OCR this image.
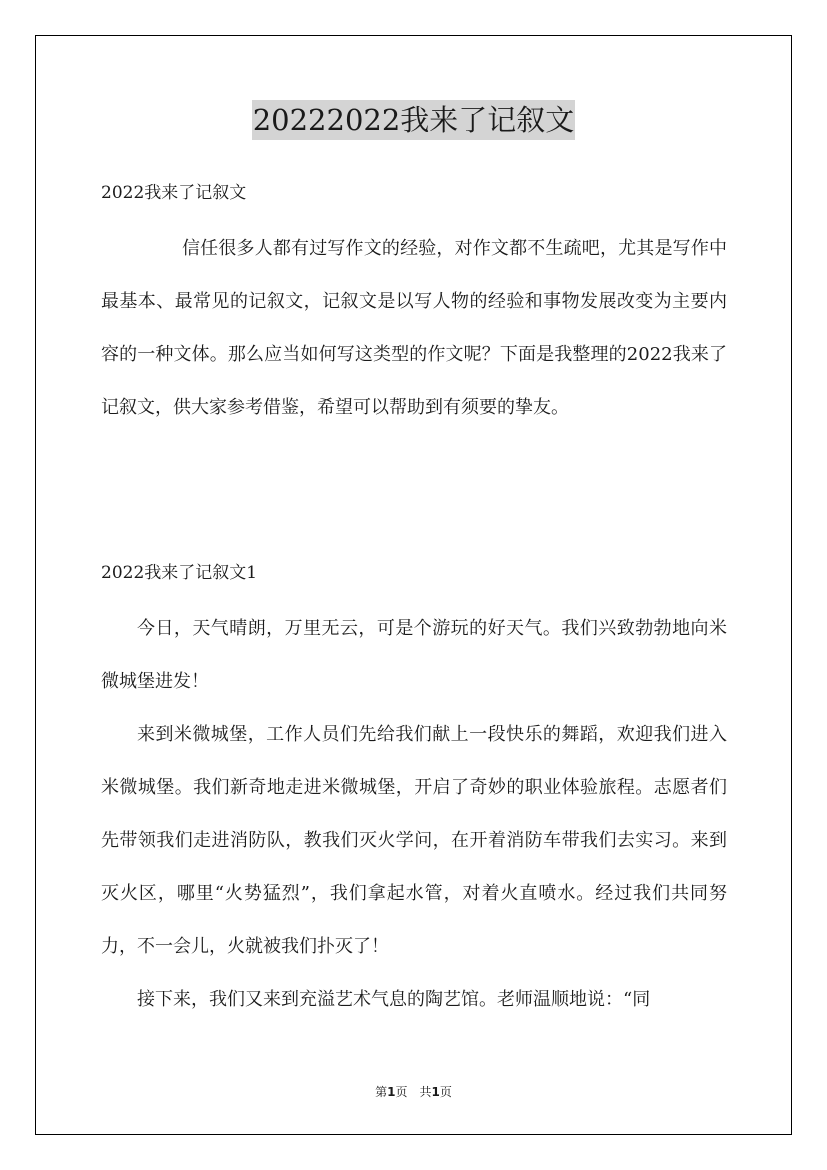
20222022我来了记叙文
2022我来了记叙文

信任很多人都有过写作文的经验，对作文都不生疏吧，尤其是写作中最基本、最常见的记叙文，记叙文是以写人物的经验和事物发展改变为主要内容的一种文体。那么应当如何写这类型的作文呢？下面是我整理的2022我来了记叙文，供大家参考借鉴，希望可以帮助到有须要的挚友。

2022我来了记叙文1

今日，天气晴朗，万里无云，可是个游玩的好天气。我们兴致勃勃地向米微城堡进发！

来到米微城堡，工作人员们先给我们献上一段快乐的舞蹈，欢迎我们进入米微城堡。我们新奇地走进米微城堡，开启了奇妙的职业体验旅程。志愿者们先带领我们走进消防队，教我们灭火学问，在开着消防车带我们去实习。来到灭火区，哪里“火势猛烈”，我们拿起水管，对着火直喷水。经过我们共同努力，不一会儿，火就被我们扑灭了！

接下来，我们又来到充溢艺术气息的陶艺馆。老师温顺地说：“同

第1页 共1页
